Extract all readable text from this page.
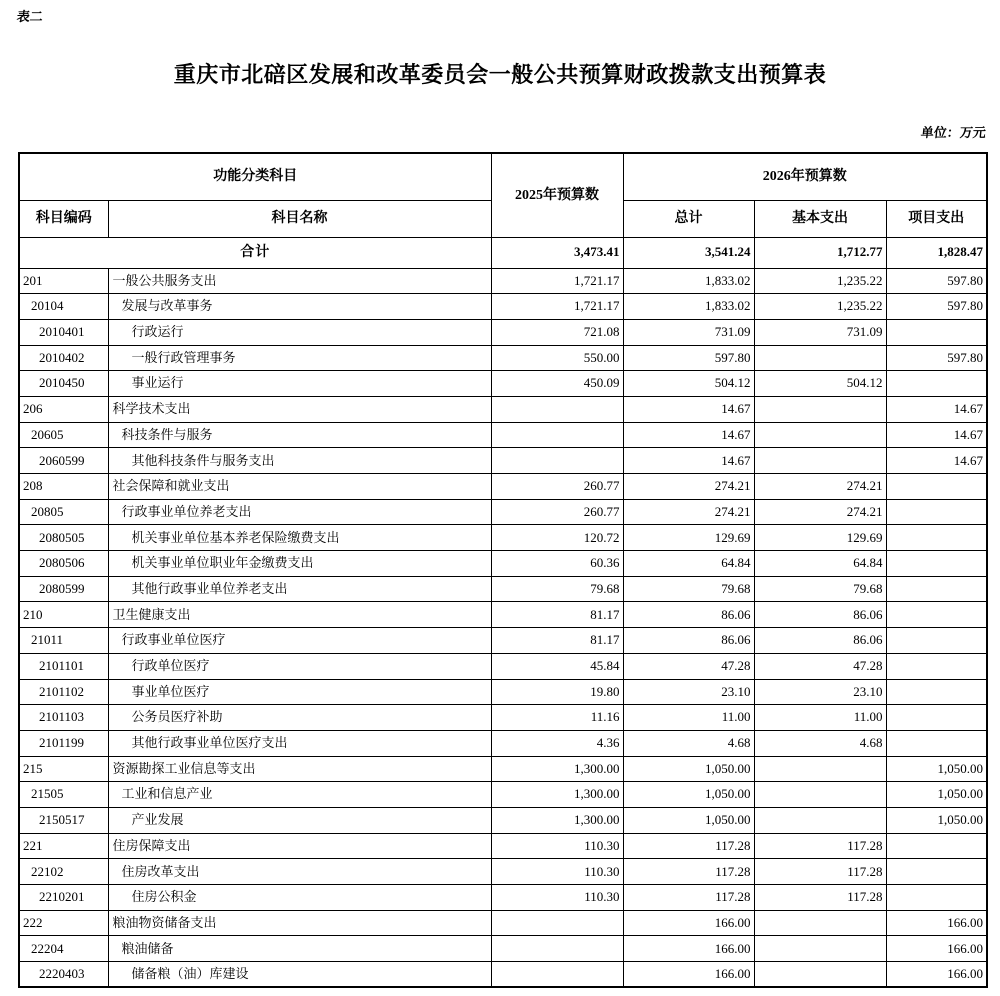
表二
重庆市北碚区发展和改革委员会一般公共预算财政拨款支出预算表
单位：万元
功能分类科目		2025年预算数	2026年预算数		
科目编码	科目名称		总计	基本支出	项目支出
合计		3,473.41	3,541.24	1,712.77	1,828.47
201	一般公共服务支出	1,721.17	1,833.02	1,235.22	597.80
20104	发展与改革事务	1,721.17	1,833.02	1,235.22	597.80
2010401	行政运行	721.08	731.09	731.09	
2010402	一般行政管理事务	550.00	597.80		597.80
2010450	事业运行	450.09	504.12	504.12	
206	科学技术支出		14.67		14.67
20605	科技条件与服务		14.67		14.67
2060599	其他科技条件与服务支出		14.67		14.67
208	社会保障和就业支出	260.77	274.21	274.21	
20805	行政事业单位养老支出	260.77	274.21	274.21	
2080505	机关事业单位基本养老保险缴费支出	120.72	129.69	129.69	
2080506	机关事业单位职业年金缴费支出	60.36	64.84	64.84	
2080599	其他行政事业单位养老支出	79.68	79.68	79.68	
210	卫生健康支出	81.17	86.06	86.06	
21011	行政事业单位医疗	81.17	86.06	86.06	
2101101	行政单位医疗	45.84	47.28	47.28	
2101102	事业单位医疗	19.80	23.10	23.10	
2101103	公务员医疗补助	11.16	11.00	11.00	
2101199	其他行政事业单位医疗支出	4.36	4.68	4.68	
215	资源勘探工业信息等支出	1,300.00	1,050.00		1,050.00
21505	工业和信息产业	1,300.00	1,050.00		1,050.00
2150517	产业发展	1,300.00	1,050.00		1,050.00
221	住房保障支出	110.30	117.28	117.28	
22102	住房改革支出	110.30	117.28	117.28	
2210201	住房公积金	110.30	117.28	117.28	
222	粮油物资储备支出		166.00		166.00
22204	粮油储备		166.00		166.00
2220403	储备粮（油）库建设		166.00		166.00
